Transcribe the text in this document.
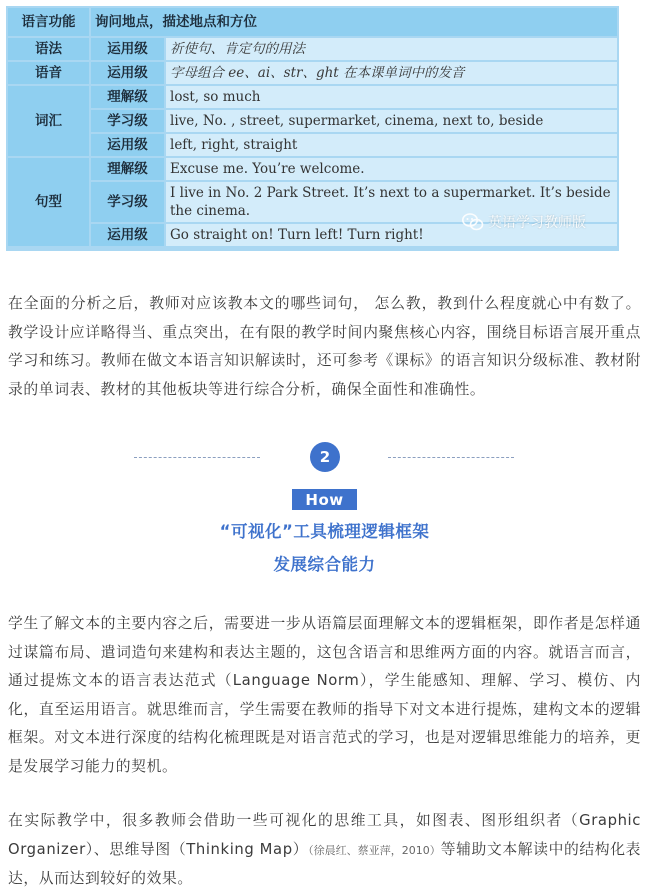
语言功能	询问地点，描述地点和方位	
语法	运用级	祈使句、肯定句的用法
语音	运用级	字母组合 ee、ai、str、ght 在本课单词中的发音
词汇	理解级	lost, so much
	学习级	live, No. , street, supermarket, cinema, next to, beside
	运用级	left, right, straight
句型	理解级	Excuse me. You’re welcome.
	学习级	I live in No. 2 Park Street. It’s next to a supermarket. It’s beside the cinema.
	运用级	Go straight on! Turn left! Turn right!
英语学习教师版
在全面的分析之后，教师对应该教本文的哪些词句， 怎么教，教到什么程度就心中有数了。教学设计应详略得当、重点突出，在有限的教学时间内聚焦核心内容，围绕目标语言展开重点学习和练习。教师在做文本语言知识解读时，还可参考《课标》的语言知识分级标准、教材附录的单词表、教材的其他板块等进行综合分析，确保全面性和准确性。
2
How
“可视化”工具梳理逻辑框架
发展综合能力
学生了解文本的主要内容之后，需要进一步从语篇层面理解文本的逻辑框架，即作者是怎样通过谋篇布局、遣词造句来建构和表达主题的，这包含语言和思维两方面的内容。就语言而言，通过提炼文本的语言表达范式（Language Norm），学生能感知、理解、学习、模仿、内化，直至运用语言。就思维而言，学生需要在教师的指导下对文本进行提炼，建构文本的逻辑框架。对文本进行深度的结构化梳理既是对语言范式的学习，也是对逻辑思维能力的培养，更是发展学习能力的契机。
在实际教学中，很多教师会借助一些可视化的思维工具，如图表、图形组织者（Graphic Organizer）、思维导图（Thinking Map）（徐晨红、蔡亚萍，2010）等辅助文本解读中的结构化表达，从而达到较好的效果。
